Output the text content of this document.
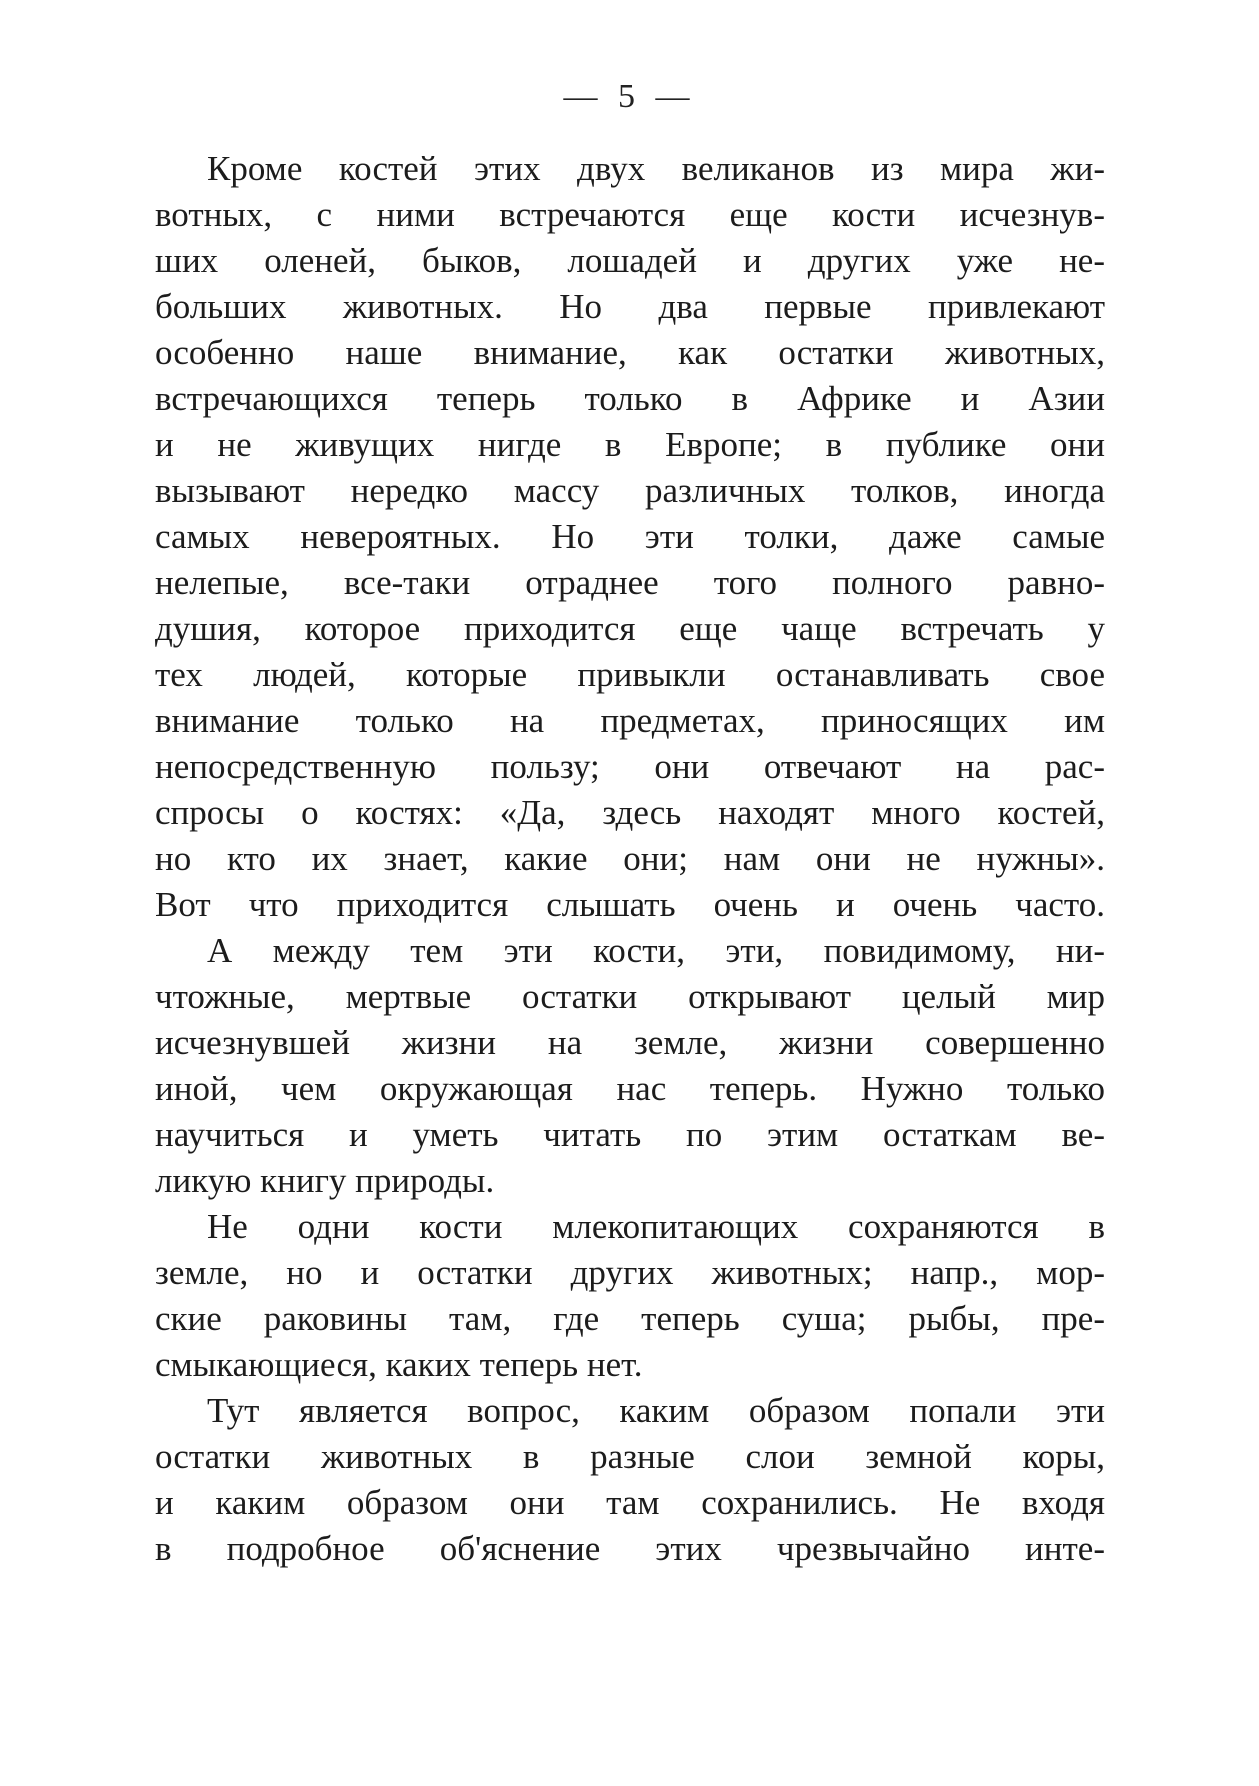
— 5 —
Кроме костей этих двух великанов из мира жи-
вотных, с ними встречаются еще кости исчезнув-
ших оленей, быков, лошадей и других уже не-
больших животных. Но два первые привлекают
особенно наше внимание, как остатки животных,
встречающихся теперь только в Африке и Азии
и не живущих нигде в Европе; в публике они
вызывают нередко массу различных толков, иногда
самых невероятных. Но эти толки, даже самые
нелепые, все-таки отраднее того полного равно-
душия, которое приходится еще чаще встречать у
тех людей, которые привыкли останавливать свое
внимание только на предметах, приносящих им
непосредственную пользу; они отвечают на рас-
спросы о костях: «Да, здесь находят много костей,
но кто их знает, какие они; нам они не нужны».
Вот что приходится слышать очень и очень часто.
А между тем эти кости, эти, повидимому, ни-
чтожные, мертвые остатки открывают целый мир
исчезнувшей жизни на земле, жизни совершенно
иной, чем окружающая нас теперь. Нужно только
научиться и уметь читать по этим остаткам ве-
ликую книгу природы.
Не одни кости млекопитающих сохраняются в
земле, но и остатки других животных; напр., мор-
ские раковины там, где теперь суша; рыбы, пре-
смыкающиеся, каких теперь нет.
Тут является вопрос, каким образом попали эти
остатки животных в разные слои земной коры,
и каким образом они там сохранились. Не входя
в подробное об'яснение этих чрезвычайно инте-
